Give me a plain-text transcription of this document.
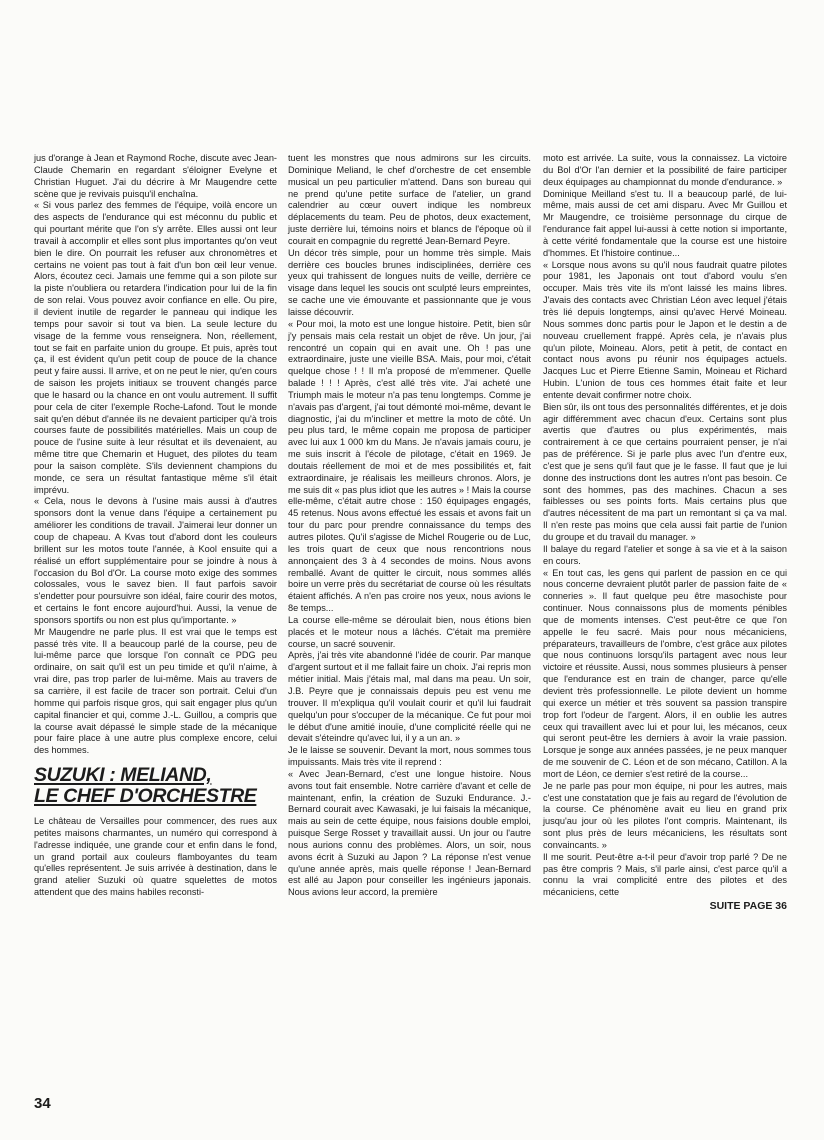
jus d'orange à Jean et Raymond Roche, discute avec Jean-Claude Chemarin en regardant s'éloigner Evelyne et Christian Huguet. J'ai du décrire à Mr Maugendre cette scène que je revivais puisqu'il enchaîna.

« Si vous parlez des femmes de l'équipe, voilà encore un des aspects de l'endurance qui est méconnu du public et qui pourtant mérite que l'on s'y arrête. Elles aussi ont leur travail à accomplir et elles sont plus importantes qu'on veut bien le dire. On pourrait les refuser aux chronomètres et certains ne voient pas tout à fait d'un bon œil leur venue. Alors, écoutez ceci. Jamais une femme qui a son pilote sur la piste n'oubliera ou retardera l'indication pour lui de la fin de son relai. Vous pouvez avoir confiance en elle. Ou pire, il devient inutile de regarder le panneau qui indique les temps pour savoir si tout va bien. La seule lecture du visage de la femme vous renseignera. Non, réellement, tout se fait en parfaite union du groupe. Et puis, après tout ça, il est évident qu'un petit coup de pouce de la chance peut y faire aussi. Il arrive, et on ne peut le nier, qu'en cours de saison les projets initiaux se trouvent changés parce que le hasard ou la chance en ont voulu autrement. Il suffit pour cela de citer l'exemple Roche-Lafond. Tout le monde sait qu'en début d'année ils ne devaient participer qu'à trois courses faute de possibilités matérielles. Mais un coup de pouce de l'usine suite à leur résultat et ils devenaient, au même titre que Chemarin et Huguet, des pilotes du team pour la saison complète. S'ils deviennent champions du monde, ce sera un résultat fantastique même s'il était imprévu.

« Cela, nous le devons à l'usine mais aussi à d'autres sponsors dont la venue dans l'équipe a certainement pu améliorer les conditions de travail. J'aimerai leur donner un coup de chapeau. A Kvas tout d'abord dont les couleurs brillent sur les motos toute l'année, à Kool ensuite qui a réalisé un effort supplémentaire pour se joindre à nous à l'occasion du Bol d'Or. La course moto exige des sommes colossales, vous le savez bien. Il faut parfois savoir s'endetter pour poursuivre son idéal, faire courir des motos, et certains le font encore aujourd'hui. Aussi, la venue de sponsors sportifs ou non est plus qu'importante. »

Mr Maugendre ne parle plus. Il est vrai que le temps est passé très vite. Il a beaucoup parlé de la course, peu de lui-même parce que lorsque l'on connaît ce PDG peu ordinaire, on sait qu'il est un peu timide et qu'il n'aime, à vrai dire, pas trop parler de lui-même. Mais au travers de sa carrière, il est facile de tracer son portrait. Celui d'un homme qui parfois risque gros, qui sait engager plus qu'un capital financier et qui, comme J.-L. Guillou, a compris que la course avait dépassé le simple stade de la mécanique pour faire place à une autre plus complexe encore, celui des hommes.

SUZUKI : MELIAND,
LE CHEF D'ORCHESTRE

Le château de Versailles pour commencer, des rues aux petites maisons charmantes, un numéro qui correspond à l'adresse indiquée, une grande cour et enfin dans le fond, un grand portail aux couleurs flamboyantes du team qu'elles représentent. Je suis arrivée à destination, dans le grand atelier Suzuki où quatre squelettes de motos attendent que des mains habiles reconsti-

tuent les monstres que nous admirons sur les circuits. Dominique Meliand, le chef d'orchestre de cet ensemble musical un peu particulier m'attend. Dans son bureau qui ne prend qu'une petite surface de l'atelier, un grand calendrier au cœur ouvert indique les nombreux déplacements du team. Peu de photos, deux exactement, juste derrière lui, témoins noirs et blancs de l'époque où il courait en compagnie du regretté Jean-Bernard Peyre.

Un décor très simple, pour un homme très simple. Mais derrière ces boucles brunes indisciplinées, derrière ces yeux qui trahissent de longues nuits de veille, derrière ce visage dans lequel les soucis ont sculpté leurs empreintes, se cache une vie émouvante et passionnante que je vous laisse découvrir.

« Pour moi, la moto est une longue histoire. Petit, bien sûr j'y pensais mais cela restait un objet de rêve. Un jour, j'ai rencontré un copain qui en avait une. Oh ! pas une extraordinaire, juste une vieille BSA. Mais, pour moi, c'était quelque chose ! ! Il m'a proposé de m'emmener. Quelle balade ! ! ! Après, c'est allé très vite. J'ai acheté une Triumph mais le moteur n'a pas tenu longtemps. Comme je n'avais pas d'argent, j'ai tout démonté moi-même, devant le diagnostic, j'ai du m'incliner et mettre la moto de côté. Un peu plus tard, le même copain me proposa de participer avec lui aux 1 000 km du Mans. Je n'avais jamais couru, je me suis inscrit à l'école de pilotage, c'était en 1969. Je doutais réellement de moi et de mes possibilités et, fait extraordinaire, je réalisais les meilleurs chronos. Alors, je me suis dit « pas plus idiot que les autres » ! Mais la course elle-même, c'était autre chose : 150 équipages engagés, 45 retenus. Nous avons effectué les essais et avons fait un tour du parc pour prendre connaissance du temps des autres pilotes. Qu'il s'agisse de Michel Rougerie ou de Luc, les trois quart de ceux que nous rencontrions nous annonçaient des 3 à 4 secondes de moins. Nous avons remballé. Avant de quitter le circuit, nous sommes allés boire un verre près du secrétariat de course où les résultats étaient affichés. A n'en pas croire nos yeux, nous avions le 8e temps...

La course elle-même se déroulait bien, nous étions bien placés et le moteur nous a lâchés. C'était ma première course, un sacré souvenir.

Après, j'ai très vite abandonné l'idée de courir. Par manque d'argent surtout et il me fallait faire un choix. J'ai repris mon métier initial. Mais j'étais mal, mal dans ma peau. Un soir, J.B. Peyre que je connaissais depuis peu est venu me trouver. Il m'expliqua qu'il voulait courir et qu'il lui faudrait quelqu'un pour s'occuper de la mécanique. Ce fut pour moi le début d'une amitié inouïe, d'une complicité réelle qui ne devait s'éteindre qu'avec lui, il y a un an. »

Je le laisse se souvenir. Devant la mort, nous sommes tous impuissants. Mais très vite il reprend :

« Avec Jean-Bernard, c'est une longue histoire. Nous avons tout fait ensemble. Notre carrière d'avant et celle de maintenant, enfin, la création de Suzuki Endurance. J.-Bernard courait avec Kawasaki, je lui faisais la mécanique, mais au sein de cette équipe, nous faisions double emploi, puisque Serge Rosset y travaillait aussi. Un jour ou l'autre nous aurions connu des problèmes. Alors, un soir, nous avons écrit à Suzuki au Japon ? La réponse n'est venue qu'une année après, mais quelle réponse ! Jean-Bernard est allé au Japon pour conseiller les ingénieurs japonais. Nous avions leur accord, la première

moto est arrivée. La suite, vous la connaissez. La victoire du Bol d'Or l'an dernier et la possibilité de faire participer deux équipages au championnat du monde d'endurance. »

Dominique Meilland s'est tu. Il a beaucoup parlé, de lui-même, mais aussi de cet ami disparu. Avec Mr Guillou et Mr Maugendre, ce troisième personnage du cirque de l'endurance fait appel lui-aussi à cette notion si importante, à cette vérité fondamentale que la course est une histoire d'hommes. Et l'histoire continue...

« Lorsque nous avons su qu'il nous faudrait quatre pilotes pour 1981, les Japonais ont tout d'abord voulu s'en occuper. Mais très vite ils m'ont laissé les mains libres. J'avais des contacts avec Christian Léon avec lequel j'étais très lié depuis longtemps, ainsi qu'avec Hervé Moineau. Nous sommes donc partis pour le Japon et le destin a de nouveau cruellement frappé. Après cela, je n'avais plus qu'un pilote, Moineau. Alors, petit à petit, de contact en contact nous avons pu réunir nos équipages actuels. Jacques Luc et Pierre Etienne Samin, Moineau et Richard Hubin. L'union de tous ces hommes était faite et leur entente devait confirmer notre choix.

Bien sûr, ils ont tous des personnalités différentes, et je dois agir différemment avec chacun d'eux. Certains sont plus avertis que d'autres ou plus expérimentés, mais contrairement à ce que certains pourraient penser, je n'ai pas de préférence. Si je parle plus avec l'un d'entre eux, c'est que je sens qu'il faut que je le fasse. Il faut que je lui donne des instructions dont les autres n'ont pas besoin. Ce sont des hommes, pas des machines. Chacun a ses faiblesses ou ses points forts. Mais certains plus que d'autres nécessitent de ma part un remontant si ça va mal. Il n'en reste pas moins que cela aussi fait partie de l'union du groupe et du travail du manager. »

Il balaye du regard l'atelier et songe à sa vie et à la saison en cours.

« En tout cas, les gens qui parlent de passion en ce qui nous concerne devraient plutôt parler de passion faite de « conneries ». Il faut quelque peu être masochiste pour continuer. Nous connaissons plus de moments pénibles que de moments intenses. C'est peut-être ce que l'on appelle le feu sacré. Mais pour nous mécaniciens, préparateurs, travailleurs de l'ombre, c'est grâce aux pilotes que nous continuons lorsqu'ils partagent avec nous leur victoire et réussite. Aussi, nous sommes plusieurs à penser que l'endurance est en train de changer, parce qu'elle devient très professionnelle. Le pilote devient un homme qui exerce un métier et très souvent sa passion transpire trop fort l'odeur de l'argent. Alors, il en oublie les autres ceux qui travaillent avec lui et pour lui, les mécanos, ceux qui seront peut-être les derniers à avoir la vraie passion. Lorsque je songe aux années passées, je ne peux manquer de me souvenir de C. Léon et de son mécano, Catillon. A la mort de Léon, ce dernier s'est retiré de la course...

Je ne parle pas pour mon équipe, ni pour les autres, mais c'est une constatation que je fais au regard de l'évolution de la course. Ce phénomène avait eu lieu en grand prix jusqu'au jour où les pilotes l'ont compris. Maintenant, ils sont plus près de leurs mécaniciens, les résultats sont convaincants. »

Il me sourit. Peut-être a-t-il peur d'avoir trop parlé ? De ne pas être compris ? Mais, s'il parle ainsi, c'est parce qu'il a connu la vrai complicité entre des pilotes et des mécaniciens, cette

SUITE PAGE 36
34
